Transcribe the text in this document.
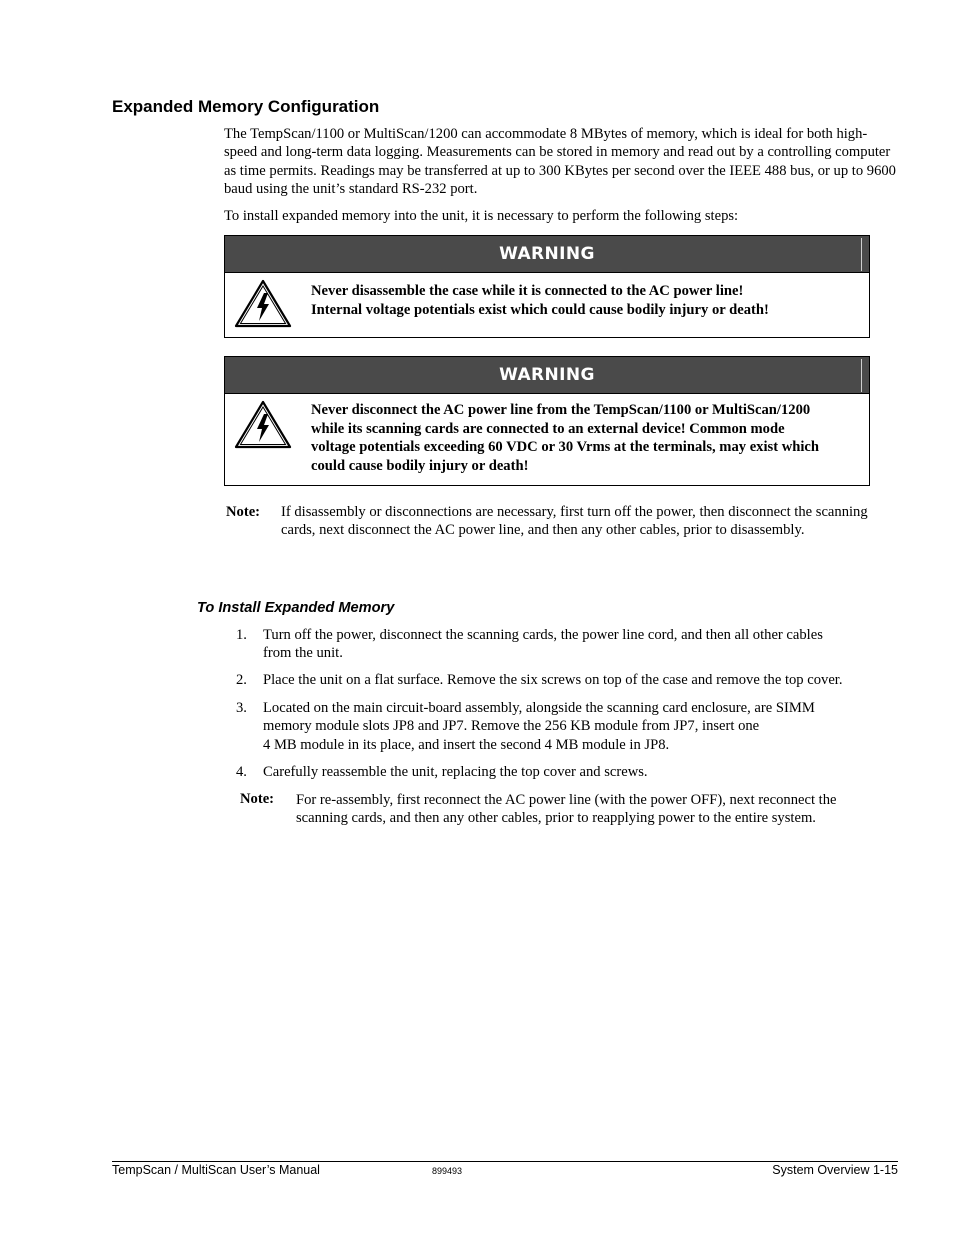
Expanded Memory Configuration

The TempScan/1100 or MultiScan/1200 can accommodate 8 MBytes of memory, which is ideal for both high-speed and long-term data logging. Measurements can be stored in memory and read out by a controlling computer as time permits. Readings may be transferred at up to 300 KBytes per second over the IEEE 488 bus, or up to 9600 baud using the unit’s standard RS-232 port.

To install expanded memory into the unit, it is necessary to perform the following steps:

WARNING
Never disassemble the case while it is connected to the AC power line!
Internal voltage potentials exist which could cause bodily injury or death!
WARNING
Never disconnect the AC power line from the TempScan/1100 or MultiScan/1200
while its scanning cards are connected to an external device! Common mode
voltage potentials exceeding 60 VDC or 30 Vrms at the terminals, may exist which
could cause bodily injury or death!
Note: If disassembly or disconnections are necessary, first turn off the power, then disconnect the scanning cards, next disconnect the AC power line, and then any other cables, prior to disassembly.

To Install Expanded Memory
1. Turn off the power, disconnect the scanning cards, the power line cord, and then all other cables
from the unit.
2. Place the unit on a flat surface. Remove the six screws on top of the case and remove the top cover.
3. Located on the main circuit-board assembly, alongside the scanning card enclosure, are SIMM
memory module slots JP8 and JP7. Remove the 256 KB module from JP7, insert one
4 MB module in its place, and insert the second 4 MB module in JP8.
4. Carefully reassemble the unit, replacing the top cover and screws.
Note: For re-assembly, first reconnect the AC power line (with the power OFF), next reconnect the scanning cards, and then any other cables, prior to reapplying power to the entire system.

TempScan / MultiScan User’s Manual	899493	System Overview 1-15
